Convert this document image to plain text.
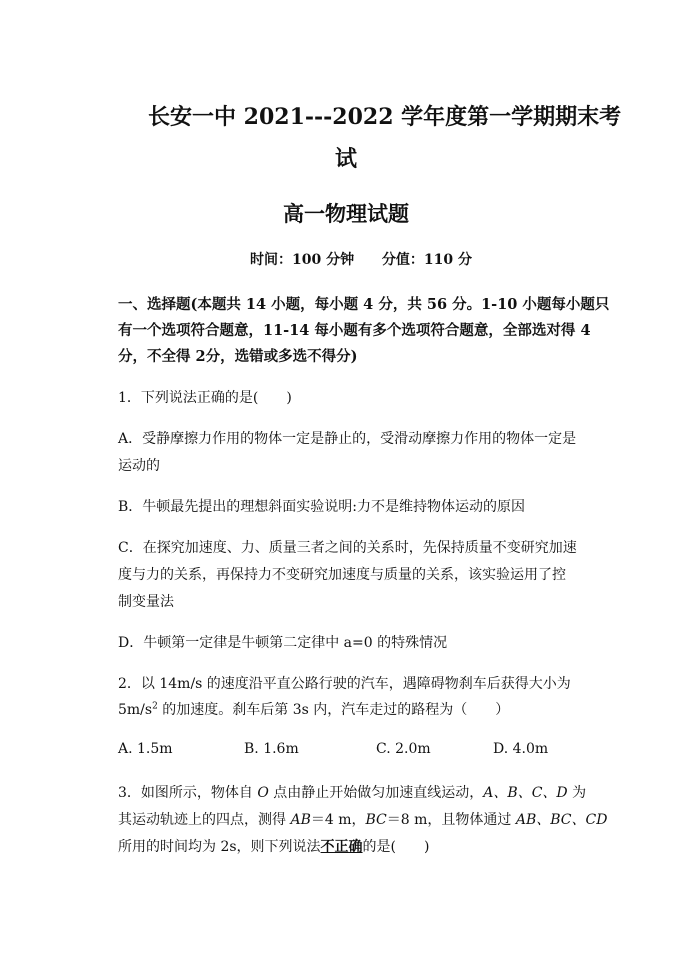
长安一中 2021---2022 学年度第一学期期末考
试
高一物理试题
时间：100 分钟 分值：110 分
一、选择题(本题共 14 小题，每小题 4 分，共 56 分。1-10 小题每小题只
有一个选项符合题意，11-14 每小题有多个选项符合题意，全部选对得 4
分，不全得 2分，选错或多选不得分)
1．下列说法正确的是(　　)
A．受静摩擦力作用的物体一定是静止的，受滑动摩擦力作用的物体一定是
运动的
B．牛顿最先提出的理想斜面实验说明:力不是维持物体运动的原因
C．在探究加速度、力、质量三者之间的关系时，先保持质量不变研究加速
度与力的关系，再保持力不变研究加速度与质量的关系，该实验运用了控
制变量法
D．牛顿第一定律是牛顿第二定律中 a=0 的特殊情况
2．以 14m/s 的速度沿平直公路行驶的汽车，遇障碍物刹车后获得大小为
$5m/s^2$ 的加速度。刹车后第 3s 内，汽车走过的路程为（　　）
A. 1.5m	B. 1.6m	C. 2.0m	D. 4.0m
3．如图所示，物体自 O 点由静止开始做匀加速直线运动，A、B、C、D 为
其运动轨迹上的四点，测得 AB＝4 m，BC＝8 m，且物体通过 AB、BC、CD
所用的时间均为 2s，则下列说法不正确的是(　　)
